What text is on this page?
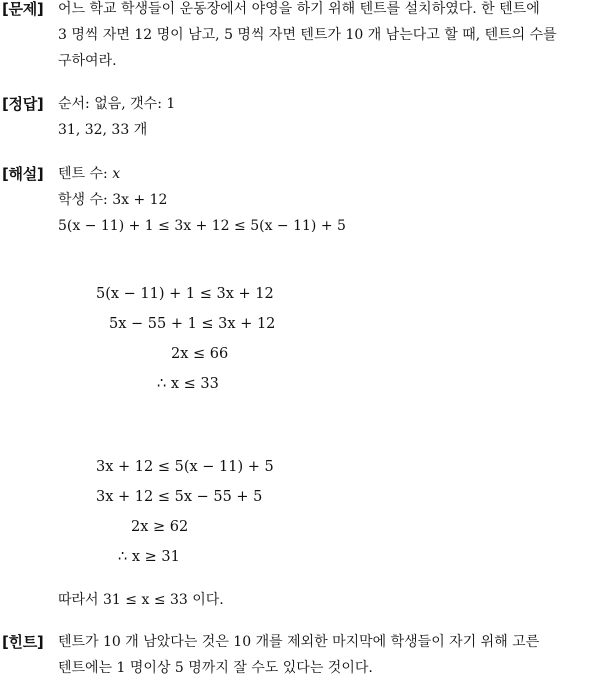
[문제] 어느 학교 학생들이 운동장에서 야영을 하기 위해 텐트를 설치하였다. 한 텐트에
3 명씩 자면 12 명이 남고, 5 명씩 자면 텐트가 10 개 남는다고 할 때, 텐트의 수를
구하여라.
[정답] 순서: 없음, 갯수: 1
31, 32, 33 개
[해설] 텐트 수: x
학생 수: 3x + 12
5(x − 11) + 1 ≤ 3x + 12 ≤ 5(x − 11) + 5
5(x − 11) + 1 ≤ 3x + 12
5x − 55 + 1 ≤ 3x + 12
2x ≤ 66
∴ x ≤ 33
3x + 12 ≤ 5(x − 11) + 5
3x + 12 ≤ 5x − 55 + 5
2x ≥ 62
∴ x ≥ 31
따라서 31 ≤ x ≤ 33 이다.
[힌트] 텐트가 10 개 남았다는 것은 10 개를 제외한 마지막에 학생들이 자기 위해 고른
텐트에는 1 명이상 5 명까지 잘 수도 있다는 것이다.
